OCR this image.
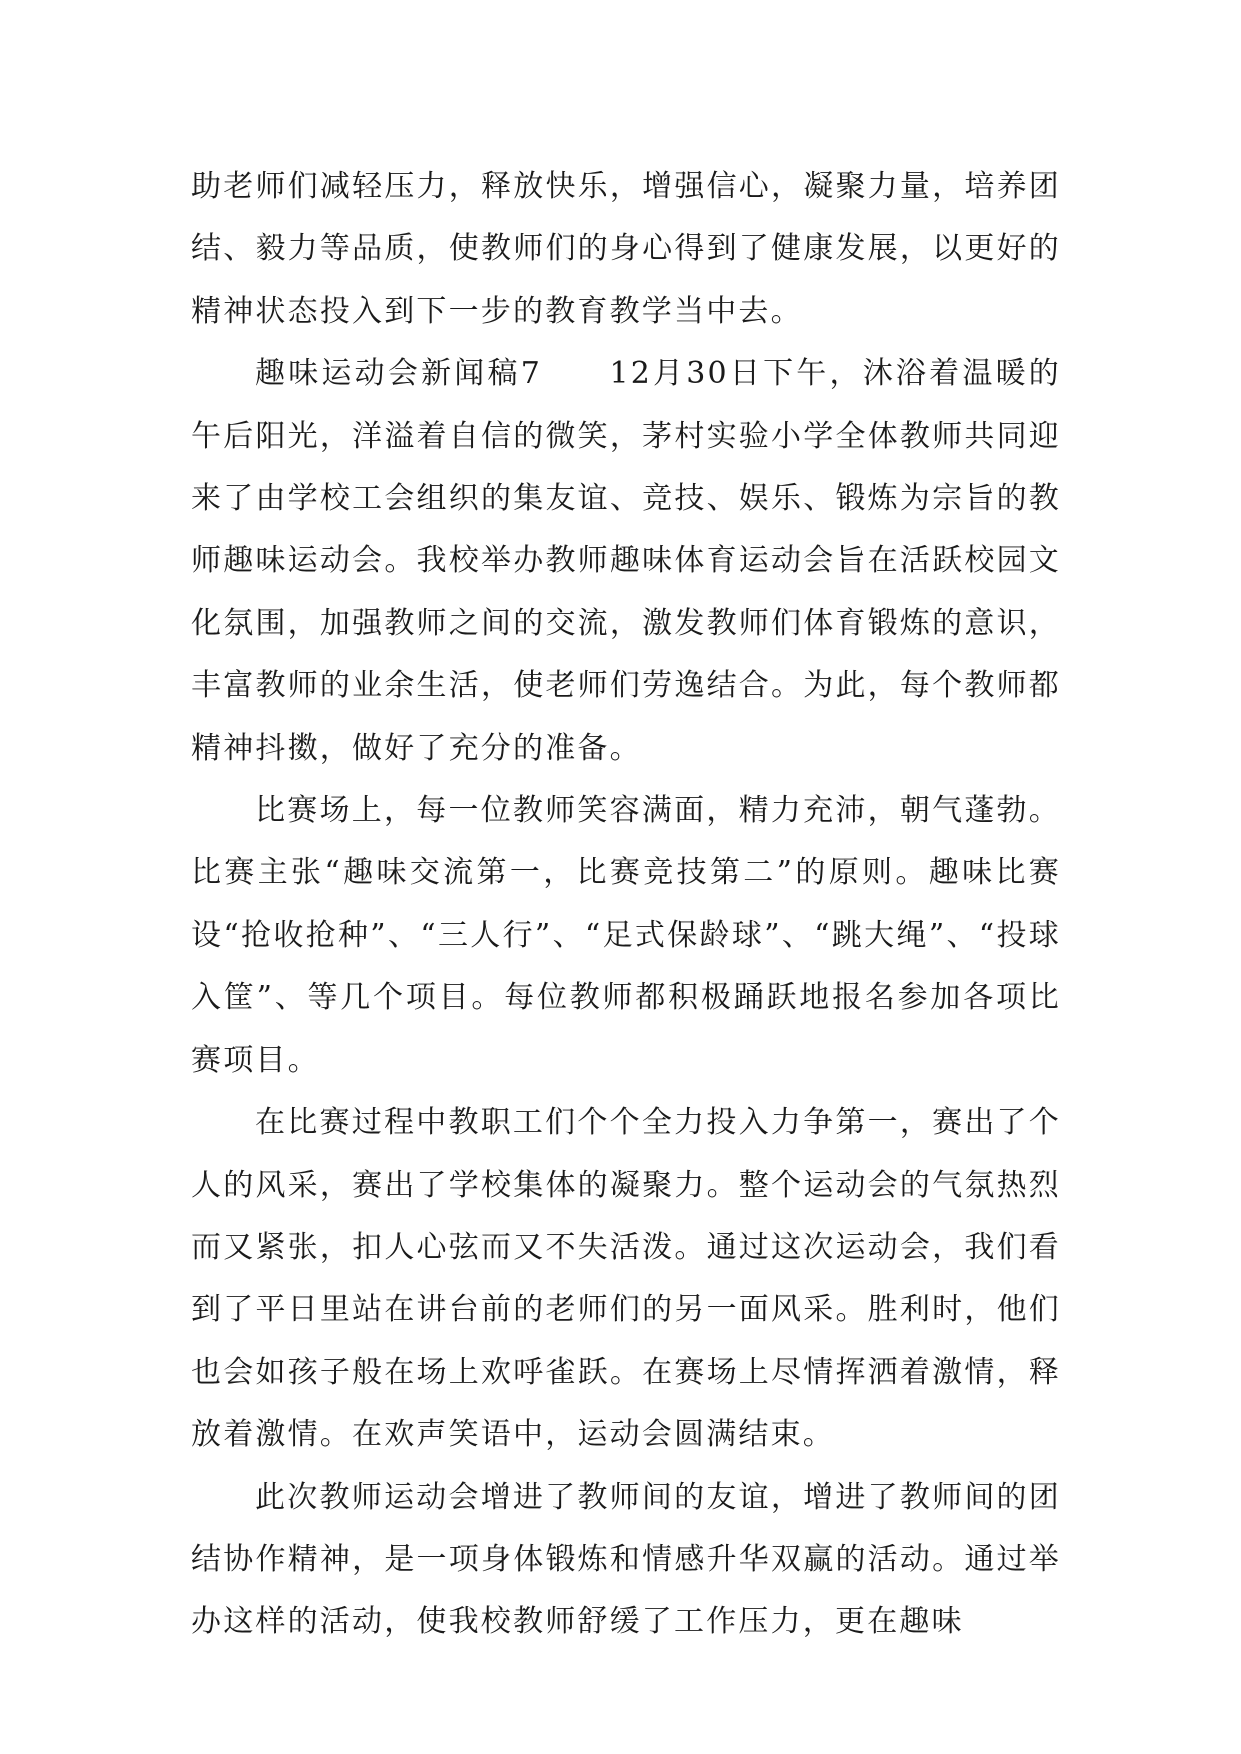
助老师们减轻压力，释放快乐，增强信心，凝聚力量，培养团结、毅力等品质，使教师们的身心得到了健康发展，以更好的精神状态投入到下一步的教育教学当中去。

趣味运动会新闻稿7　　12月30日下午，沐浴着温暖的午后阳光，洋溢着自信的微笑，茅村实验小学全体教师共同迎来了由学校工会组织的集友谊、竞技、娱乐、锻炼为宗旨的教师趣味运动会。我校举办教师趣味体育运动会旨在活跃校园文化氛围，加强教师之间的交流，激发教师们体育锻炼的意识，丰富教师的业余生活，使老师们劳逸结合。为此，每个教师都精神抖擞，做好了充分的准备。

比赛场上，每一位教师笑容满面，精力充沛，朝气蓬勃。比赛主张“趣味交流第一，比赛竞技第二”的原则。趣味比赛设“抢收抢种”、“三人行”、“足式保龄球”、“跳大绳”、“投球入筐”、等几个项目。每位教师都积极踊跃地报名参加各项比赛项目。

在比赛过程中教职工们个个全力投入力争第一，赛出了个人的风采，赛出了学校集体的凝聚力。整个运动会的气氛热烈而又紧张，扣人心弦而又不失活泼。通过这次运动会，我们看到了平日里站在讲台前的老师们的另一面风采。胜利时，他们也会如孩子般在场上欢呼雀跃。在赛场上尽情挥洒着激情，释放着激情。在欢声笑语中，运动会圆满结束。

此次教师运动会增进了教师间的友谊，增进了教师间的团结协作精神，是一项身体锻炼和情感升华双赢的活动。通过举办这样的活动，使我校教师舒缓了工作压力，更在趣味
